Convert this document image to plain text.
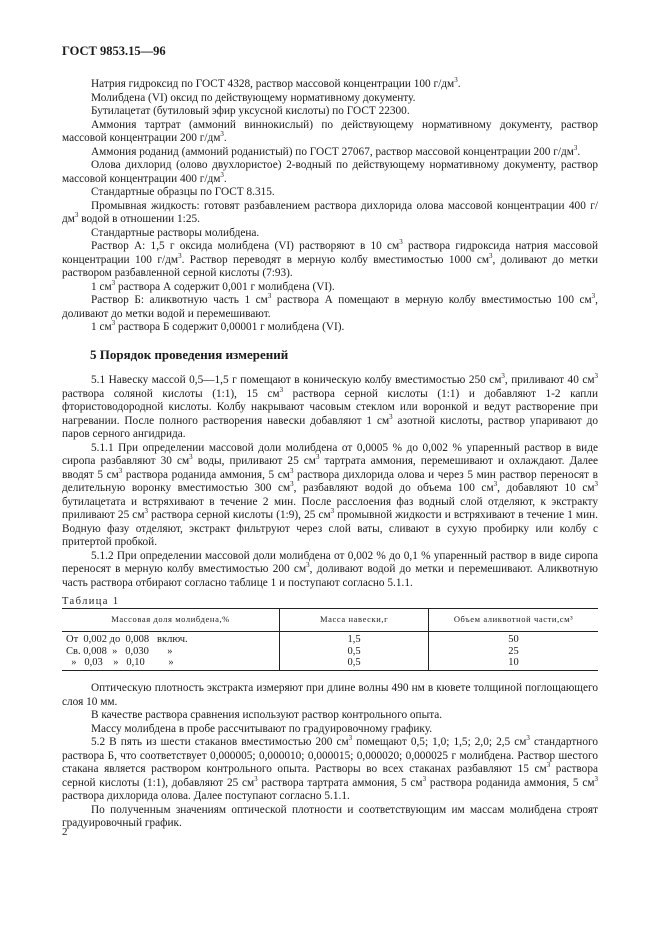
ГОСТ 9853.15—96

Натрия гидроксид по ГОСТ 4328, раствор массовой концентрации 100 $г/дм^3$.

Молибдена (VI) оксид по действующему нормативному документу.

Бутилацетат (бутиловый эфир уксусной кислоты) по ГОСТ 22300.

Аммония тартрат (аммоний виннокислый) по действующему нормативному документу, раствор массовой концентрации 200 $г/дм^3$.

Аммония роданид (аммоний роданистый) по ГОСТ 27067, раствор массовой концентрации 200 $г/дм^3$.

Олова дихлорид (олово двухлористое) 2-водный по действующему нормативному документу, раствор массовой концентрации 400 $г/дм^3$.

Стандартные образцы по ГОСТ 8.315.

Промывная жидкость: готовят разбавлением раствора дихлорида олова массовой концентрации 400 $г/дм^3$ водой в отношении 1:25.

Стандартные растворы молибдена.

Раствор А: 1,5 г оксида молибдена (VI) растворяют в 10 $см^3$ раствора гидроксида натрия массовой концентрации 100 $г/дм^3$. Раствор переводят в мерную колбу вместимостью 1000 $см^3$, доливают до метки раствором разбавленной серной кислоты (7:93).

1 $см^3$ раствора А содержит 0,001 г молибдена (VI).

Раствор Б: аликвотную часть 1 $см^3$ раствора А помещают в мерную колбу вместимостью 100 $см^3$, доливают до метки водой и перемешивают.

1 $см^3$ раствора Б содержит 0,00001 г молибдена (VI).

5 Порядок проведения измерений

5.1 Навеску массой 0,5—1,5 г помещают в коническую колбу вместимостью 250 $см^3$, приливают 40 $см^3$ раствора соляной кислоты (1:1), 15 $см^3$ раствора серной кислоты (1:1) и добавляют 1-2 капли фтористоводородной кислоты. Колбу накрывают часовым стеклом или воронкой и ведут растворение при нагревании. После полного растворения навески добавляют 1 $см^3$ азотной кислоты, раствор упаривают до паров серного ангидрида.

5.1.1 При определении массовой доли молибдена от 0,0005 % до 0,002 % упаренный раствор в виде сиропа разбавляют 30 $см^3$ воды, приливают 25 $см^3$ тартрата аммония, перемешивают и охлаждают. Далее вводят 5 $см^3$ раствора роданида аммония, 5 $см^3$ раствора дихлорида олова и через 5 мин раствор переносят в делительную воронку вместимостью 300 $см^3$, разбавляют водой до объема 100 $см^3$, добавляют 10 $см^3$ бутилацетата и встряхивают в течение 2 мин. После расслоения фаз водный слой отделяют, к экстракту приливают 25 $см^3$ раствора серной кислоты (1:9), 25 $см^3$ промывной жидкости и встряхивают в течение 1 мин. Водную фазу отделяют, экстракт фильтруют через слой ваты, сливают в сухую пробирку или колбу с притертой пробкой.

5.1.2 При определении массовой доли молибдена от 0,002 % до 0,1 % упаренный раствор в виде сиропа переносят в мерную колбу вместимостью 200 $см^3$, доливают водой до метки и перемешивают. Аликвотную часть раствора отбирают согласно таблице 1 и поступают согласно 5.1.1.

Таблица 1
Массовая доля молибдена,%	Масса навески,г	Объем аликвотной части,см³
От  0,002 до  0,008   включ.	1,5	50
Св. 0,008  »   0,030       »	0,5	25
»   0,03    »   0,10         »	0,5	10

Оптическую плотность экстракта измеряют при длине волны 490 нм в кювете толщиной поглощающего слоя 10 мм.

В качестве раствора сравнения используют раствор контрольного опыта.

Массу молибдена в пробе рассчитывают по градуировочному графику.

5.2 В пять из шести стаканов вместимостью 200 $см^3$ помещают 0,5; 1,0; 1,5; 2,0; 2,5 $см^3$ стандартного раствора Б, что соответствует 0,000005; 0,000010; 0,000015; 0,000020; 0,000025 г молибдена. Раствор шестого стакана является раствором контрольного опыта. Растворы во всех стаканах разбавляют 15 $см^3$ раствора серной кислоты (1:1), добавляют 25 $см^3$ раствора тартрата аммония, 5 $см^3$ раствора роданида аммония, 5 $см^3$ раствора дихлорида олова. Далее поступают согласно 5.1.1.

По полученным значениям оптической плотности и соответствующим им массам молибдена строят градуировочный график.

2
